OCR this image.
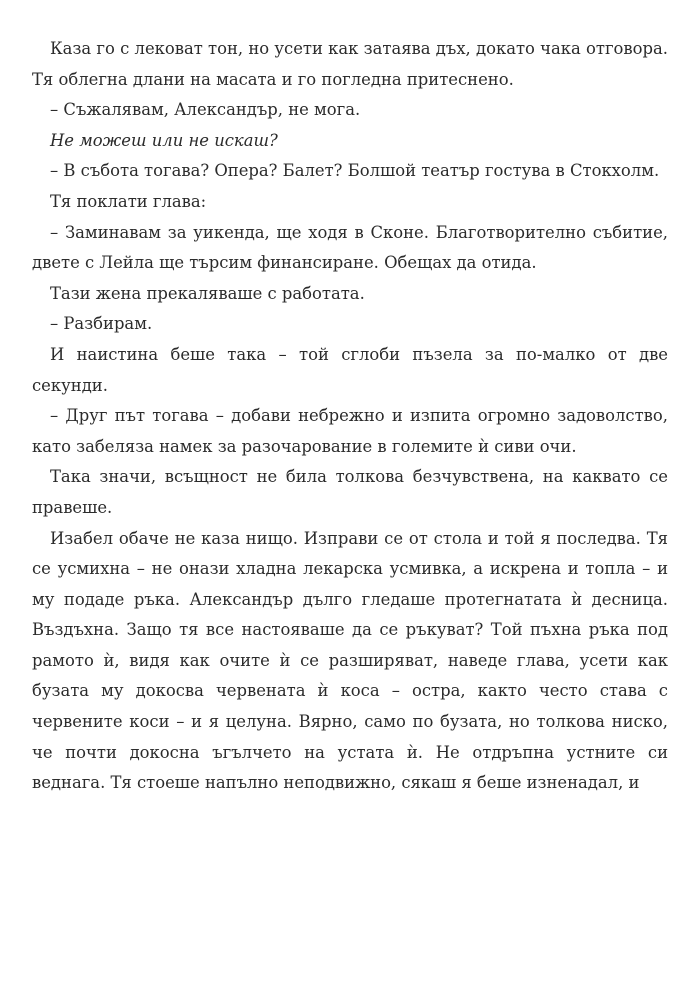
Каза го с лековат тон, но усети как затаява дъх, докато чака отговора. Тя облегна длани на масата и го погледна притеснено.

– Съжалявам, Александър, не мога.

Не можеш или не искаш?

– В събота тогава? Опера? Балет? Болшой театър гостува в Стокхолм.

Тя поклати глава:

– Заминавам за уикенда, ще ходя в Сконе. Благотворително събитие, двете с Лейла ще търсим финансиране. Обещах да отида.

Тази жена прекаляваше с работата.

– Разбирам.

И наистина беше така – той сглоби пъзела за по-малко от две секунди.

– Друг път тогава – добави небрежно и изпита огромно задоволство, като забеляза намек за разочарование в големите ѝ сиви очи.

Така значи, всъщност не била толкова безчувствена, на каквато се правеше.

Изабел обаче не каза нищо. Изправи се от стола и той я последва. Тя се усмихна – не онази хладна лекарска усмивка, а искрена и топла – и му подаде ръка. Александър дълго гледаше протегнатата ѝ десница. Въздъхна. Защо тя все настояваше да се ръкуват? Той пъхна ръка под рамото ѝ, видя как очите ѝ се разширяват, наведе глава, усети как бузата му докосва червената ѝ коса – остра, както често става с червените коси – и я целуна. Вярно, само по бузата, но толкова ниско, че почти докосна ъгълчето на устата ѝ. Не отдръпна устните си веднага. Тя стоеше напълно неподвижно, сякаш я беше изненадал, и
